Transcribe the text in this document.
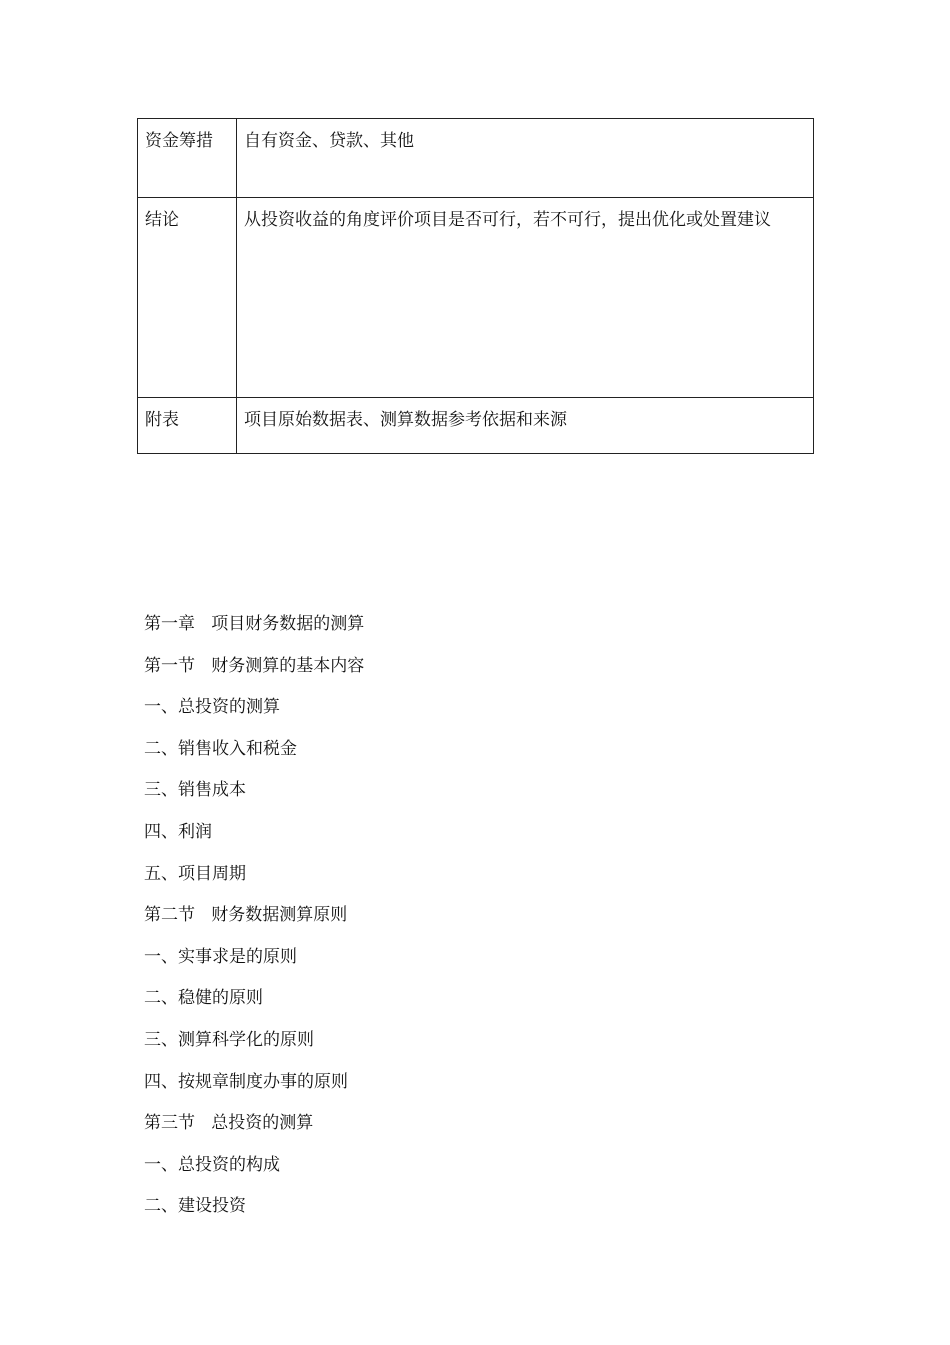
资金筹措	自有资金、贷款、其他

结论	从投资收益的角度评价项目是否可行，若不可行，提出优化或处置建议

附表	项目原始数据表、测算数据参考依据和来源
第一章   项目财务数据的测算
第一节   财务测算的基本内容
一、总投资的测算
二、销售收入和税金
三、销售成本
四、利润
五、项目周期
第二节   财务数据测算原则
一、实事求是的原则
二、稳健的原则
三、测算科学化的原则
四、按规章制度办事的原则
第三节   总投资的测算
一、总投资的构成
二、建设投资
